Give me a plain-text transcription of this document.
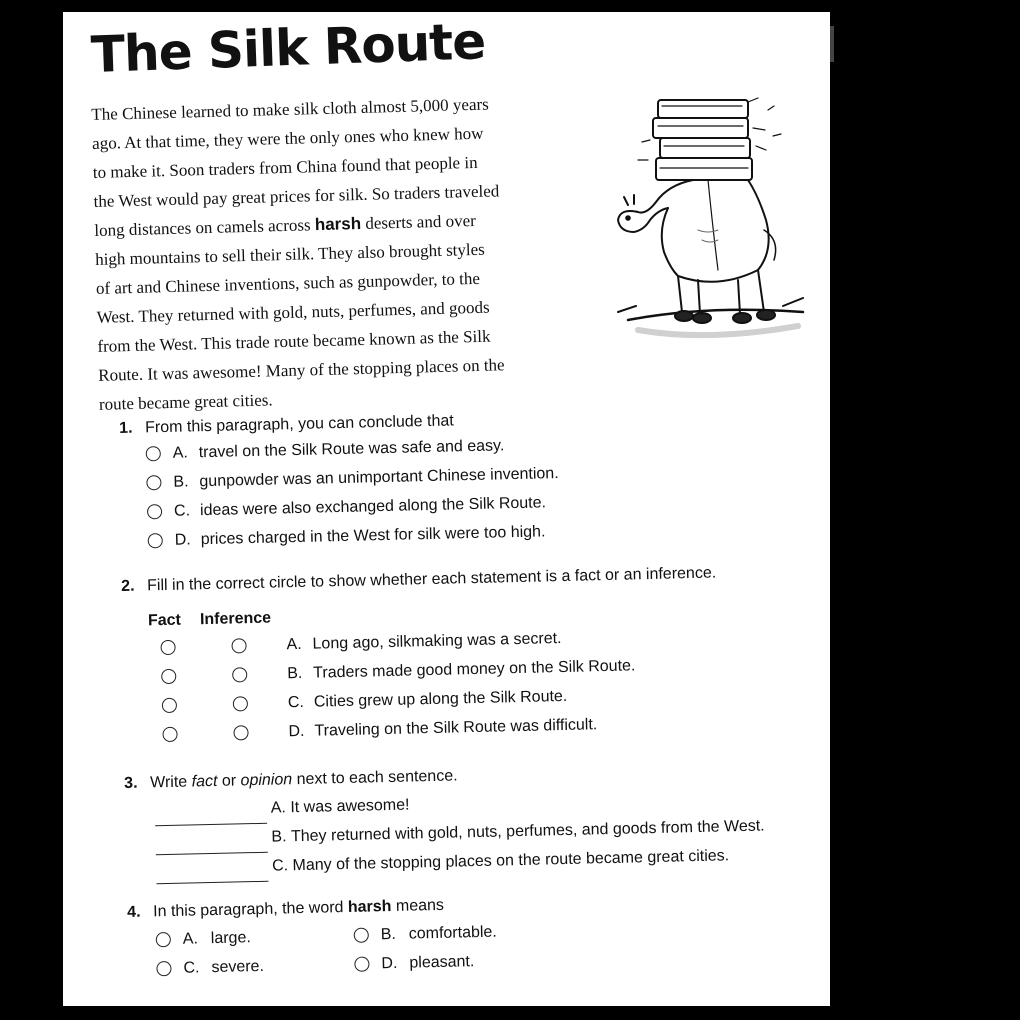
The Silk Route
The Chinese learned to make silk cloth almost 5,000 years
ago. At that time, they were the only ones who knew how
to make it. Soon traders from China found that people in
the West would pay great prices for silk. So traders traveled
long distances on camels across harsh deserts and over
high mountains to sell their silk. They also brought styles
of art and Chinese inventions, such as gunpowder, to the
West. They returned with gold, nuts, perfumes, and goods
from the West. This trade route became known as the Silk
Route. It was awesome! Many of the stopping places on the
route became great cities.
1. From this paragraph, you can conclude that
A. travel on the Silk Route was safe and easy.
B. gunpowder was an unimportant Chinese invention.
C. ideas were also exchanged along the Silk Route.
D. prices charged in the West for silk were too high.
2. Fill in the correct circle to show whether each statement is a fact or an inference.
Fact	Inference
A. Long ago, silkmaking was a secret.
B. Traders made good money on the Silk Route.
C. Cities grew up along the Silk Route.
D. Traveling on the Silk Route was difficult.
3. Write fact or opinion next to each sentence.
A.
It was awesome!
B.
They returned with gold, nuts, perfumes, and goods from the West.
C.
Many of the stopping places on the route became great cities.
4. In this paragraph, the word harsh means
A. large.	B. comfortable.
C. severe.	D. pleasant.
